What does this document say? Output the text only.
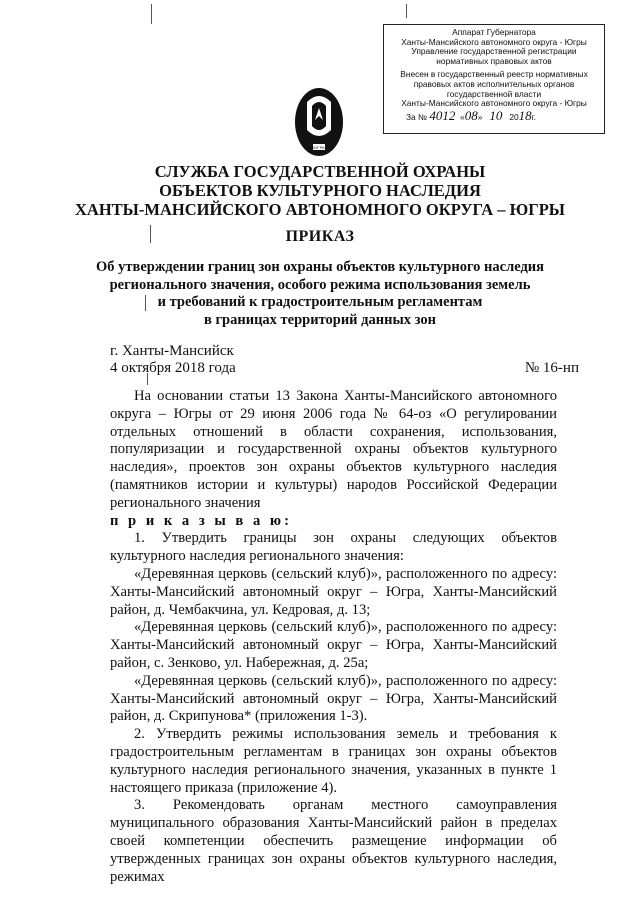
Аппарат Губернатора
Ханты-Мансийского автономного округа - Югры
Управление государственной регистрации
нормативных правовых актов
Внесен в государственный реестр нормативных
правовых актов исполнительных органов
государственной власти
Ханты-Мансийского автономного округа - Югры
За № 4012  «08»   10 2018г.
ЮГРА
СЛУЖБА ГОСУДАРСТВЕННОЙ ОХРАНЫ
ОБЪЕКТОВ КУЛЬТУРНОГО НАСЛЕДИЯ
ХАНТЫ-МАНСИЙСКОГО АВТОНОМНОГО ОКРУГА – ЮГРЫ
ПРИКАЗ
Об утверждении границ зон охраны объектов культурного наследия
регионального значения, особого режима использования земель
и требований к градостроительным регламентам
в границах территорий данных зон
г. Ханты-Мансийск
4 октября 2018 года	№ 16-нп

На основании статьи 13 Закона Ханты-Мансийского автономного округа – Югры от 29 июня 2006 года № 64-оз «О регулировании отдельных отношений в области сохранения, использования, популяризации и государственной охраны объектов культурного наследия», проектов зон охраны объектов культурного наследия (памятников истории и культуры) народов Российской Федерации регионального значения

п р и к а з ы в а ю:

1. Утвердить границы зон охраны следующих объектов культурного наследия регионального значения:

«Деревянная церковь (сельский клуб)», расположенного по адресу: Ханты-Мансийский автономный округ – Югра, Ханты-Мансийский район, д. Чембакчина, ул. Кедровая, д. 13;

«Деревянная церковь (сельский клуб)», расположенного по адресу: Ханты-Мансийский автономный округ – Югра, Ханты-Мансийский район, с. Зенково, ул. Набережная, д. 25а;

«Деревянная церковь (сельский клуб)», расположенного по адресу: Ханты-Мансийский автономный округ – Югра, Ханты-Мансийский район, д. Скрипунова* (приложения 1-3).

2. Утвердить режимы использования земель и требования к градостроительным регламентам в границах зон охраны объектов культурного наследия регионального значения, указанных в пункте 1 настоящего приказа (приложение 4).

3. Рекомендовать органам местного самоуправления муниципального образования Ханты-Мансийский район в пределах своей компетенции обеспечить размещение информации об утвержденных границах зон охраны объектов культурного наследия, режимах
